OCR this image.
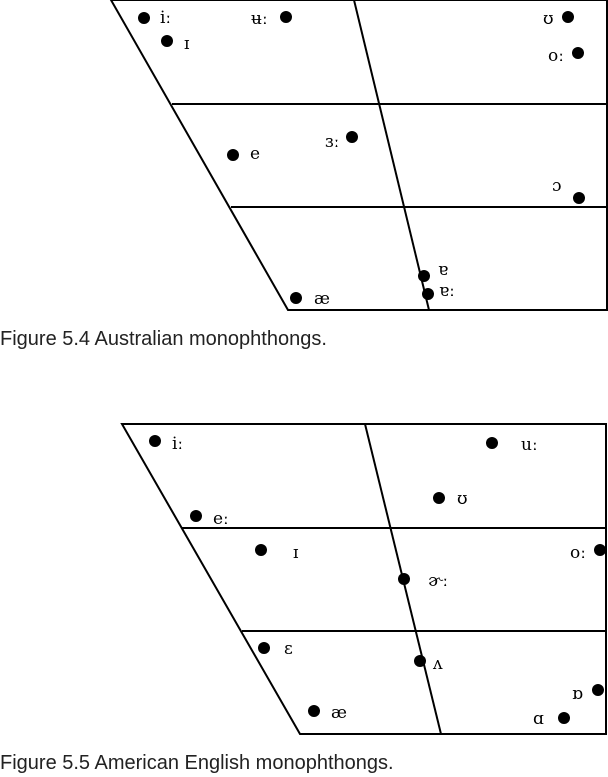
iː
ɪ
ʉː	ʊ
oː
e
ɜː
ɔ
ɐ
ɐː
æ
iː	uː
ʊ
eː
ɪ	oː
ɚː
ɛ
ʌ
ɒ
æ	ɑ

Figure 5.4 Australian monophthongs.

Figure 5.5 American English monophthongs.
